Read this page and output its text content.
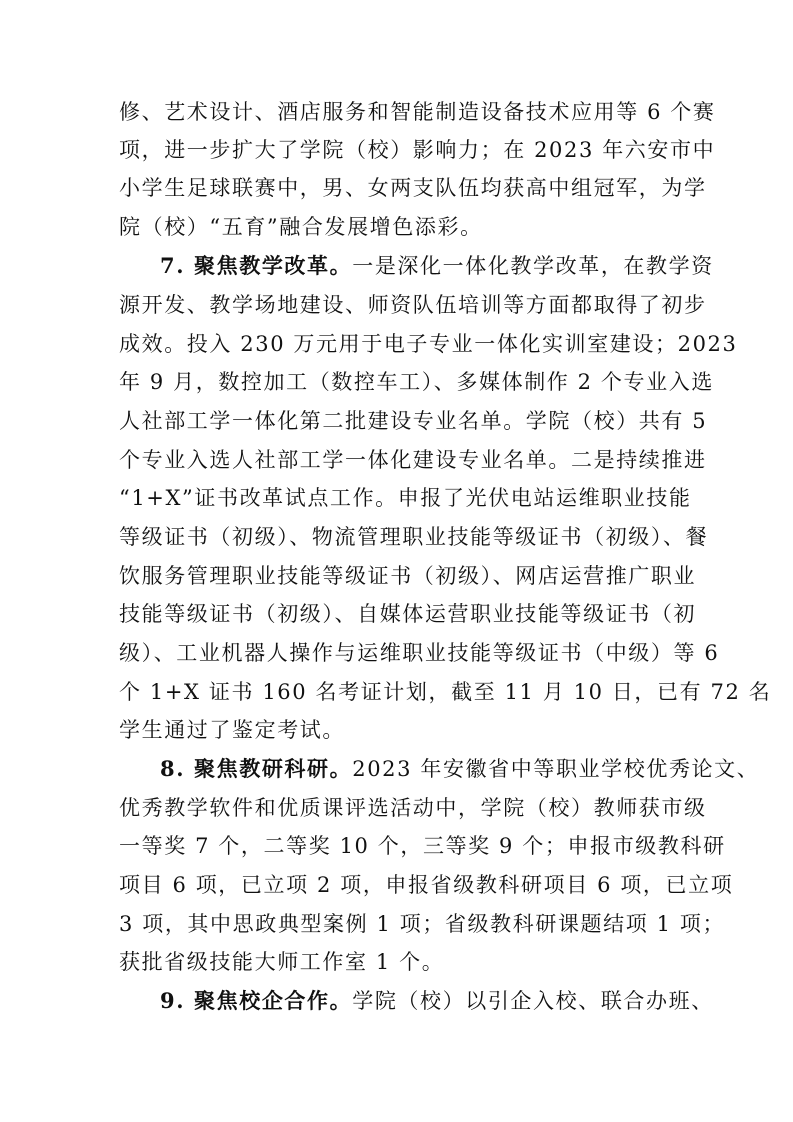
修、艺术设计、酒店服务和智能制造设备技术应用等 6 个赛
项，进一步扩大了学院（校）影响力；在 2023 年六安市中
小学生足球联赛中，男、女两支队伍均获高中组冠军，为学
院（校）“五育”融合发展增色添彩。
7. 聚焦教学改革。一是深化一体化教学改革，在教学资
源开发、教学场地建设、师资队伍培训等方面都取得了初步
成效。投入 230 万元用于电子专业一体化实训室建设；2023
年 9 月，数控加工（数控车工）、多媒体制作 2 个专业入选
人社部工学一体化第二批建设专业名单。学院（校）共有 5
个专业入选人社部工学一体化建设专业名单。二是持续推进
“1+X”证书改革试点工作。申报了光伏电站运维职业技能
等级证书（初级）、物流管理职业技能等级证书（初级）、餐
饮服务管理职业技能等级证书（初级）、网店运营推广职业
技能等级证书（初级）、自媒体运营职业技能等级证书（初
级）、工业机器人操作与运维职业技能等级证书（中级）等 6
个 1+X 证书 160 名考证计划，截至 11 月 10 日，已有 72 名
学生通过了鉴定考试。
8. 聚焦教研科研。2023 年安徽省中等职业学校优秀论文、
优秀教学软件和优质课评选活动中，学院（校）教师获市级
一等奖 7 个，二等奖 10 个，三等奖 9 个；申报市级教科研
项目 6 项，已立项 2 项，申报省级教科研项目 6 项，已立项
3 项，其中思政典型案例 1 项；省级教科研课题结项 1 项；
获批省级技能大师工作室 1 个。
9. 聚焦校企合作。学院（校）以引企入校、联合办班、
